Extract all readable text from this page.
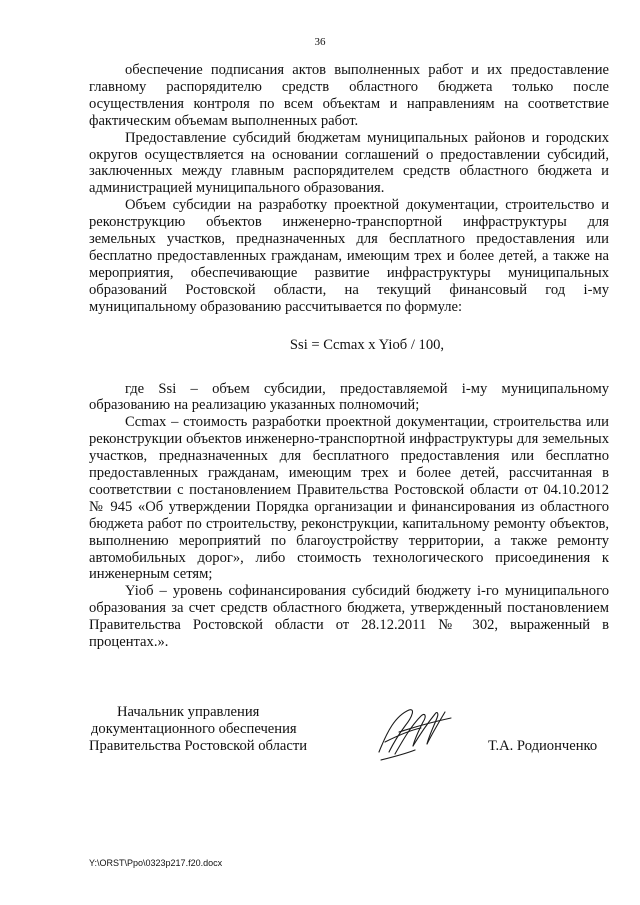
36

обеспечение подписания актов выполненных работ и их предоставление главному распорядителю средств областного бюджета только после осуществления контроля по всем объектам и направлениям на соответствие фактическим объемам выполненных работ.

Предоставление субсидий бюджетам муниципальных районов и городских округов осуществляется на основании соглашений о предоставлении субсидий, заключенных между главным распорядителем средств областного бюджета и администрацией муниципального образования.

Объем субсидии на разработку проектной документации, строительство и реконструкцию объектов инженерно-транспортной инфраструктуры для земельных участков, предназначенных для бесплатного предоставления или бесплатно предоставленных гражданам, имеющим трех и более детей, а также на мероприятия, обеспечивающие развитие инфраструктуры муниципальных образований Ростовской области, на текущий финансовый год i-му муниципальному образованию рассчитывается по формуле:

Ssi = Ccmax x Yioб / 100,

где Ssi – объем субсидии, предоставляемой i-му муниципальному образованию на реализацию указанных полномочий;

Ccmax – стоимость разработки проектной документации, строительства или реконструкции объектов инженерно-транспортной инфраструктуры для земельных участков, предназначенных для бесплатного предоставления или бесплатно предоставленных гражданам, имеющим трех и более детей, рассчитанная в соответствии с постановлением Правительства Ростовской области от 04.10.2012 № 945 «Об утверждении Порядка организации и финансирования из областного бюджета работ по строительству, реконструкции, капитальному ремонту объектов, выполнению мероприятий по благоустройству территории, а также ремонту автомобильных дорог», либо стоимость технологического присоединения к инженерным сетям;

Yioб – уровень софинансирования субсидий бюджету i-го муниципального образования за счет средств областного бюджета, утвержденный постановлением Правительства Ростовской области от 28.12.2011 № 302, выраженный в процентах.».

Начальник управления
документационного обеспечения
Правительства Ростовской области	Т.А. Родионченко
Y:\ORST\Ppo\0323p217.f20.docx
